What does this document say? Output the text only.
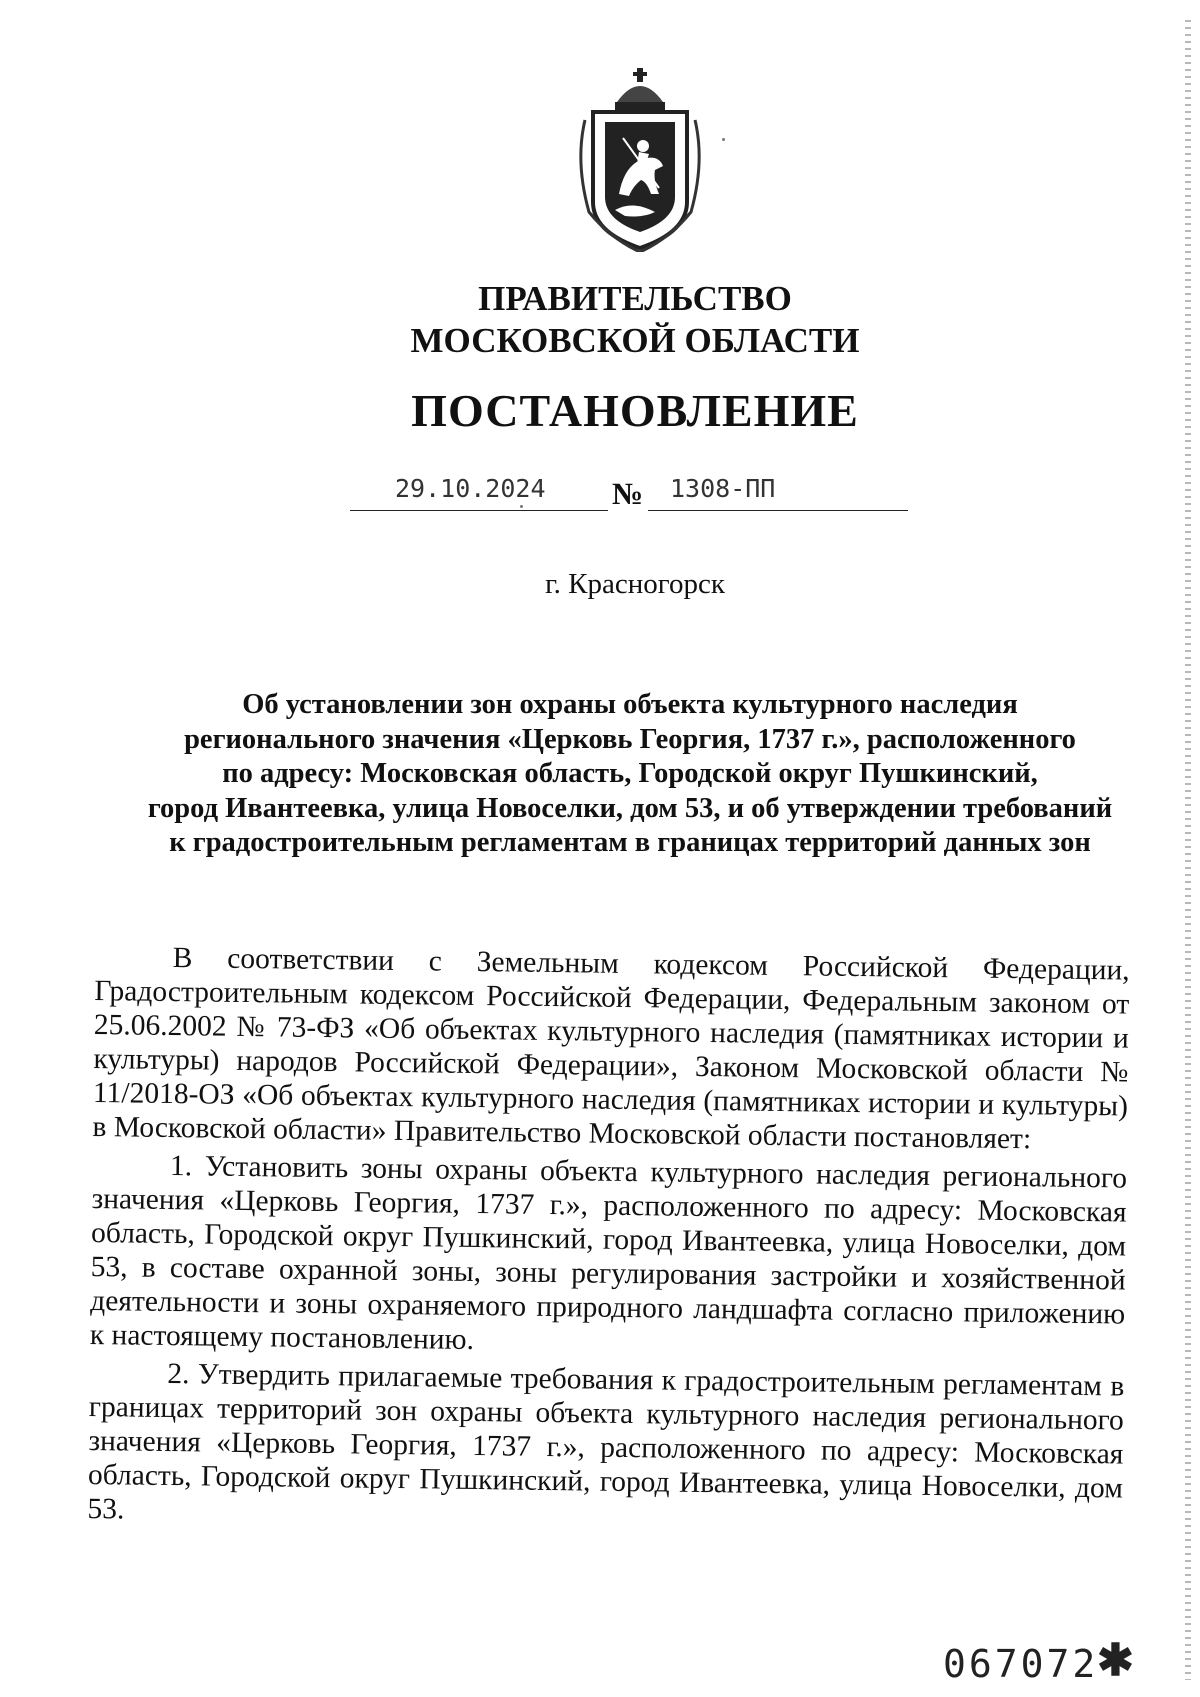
ПРАВИТЕЛЬСТВО
МОСКОВСКОЙ ОБЛАСТИ
ПОСТАНОВЛЕНИЕ
29.10.2024 № 1308-ПП
г. Красногорск
Об установлении зон охраны объекта культурного наследия
регионального значения «Церковь Георгия, 1737 г.», расположенного
по адресу: Московская область, Городской округ Пушкинский,
город Ивантеевка, улица Новоселки, дом 53, и об утверждении требований
к градостроительным регламентам в границах территорий данных зон

В соответствии с Земельным кодексом Российской Федерации, Градостроительным кодексом Российской Федерации, Федеральным законом от 25.06.2002 № 73-ФЗ «Об объектах культурного наследия (памятниках истории и культуры) народов Российской Федерации», Законом Московской области № 11/2018-ОЗ «Об объектах культурного наследия (памятниках истории и культуры) в Московской области» Правительство Московской области постановляет:

1. Установить зоны охраны объекта культурного наследия регионального значения «Церковь Георгия, 1737 г.», расположенного по адресу: Московская область, Городской округ Пушкинский, город Ивантеевка, улица Новоселки, дом 53, в составе охранной зоны, зоны регулирования застройки и хозяйственной деятельности и зоны охраняемого природного ландшафта согласно приложению к настоящему постановлению.

2. Утвердить прилагаемые требования к градостроительным регламентам в границах территорий зон охраны объекта культурного наследия регионального значения «Церковь Георгия, 1737 г.», расположенного по адресу: Московская область, Городской округ Пушкинский, город Ивантеевка, улица Новоселки, дом 53.

067072
✱
